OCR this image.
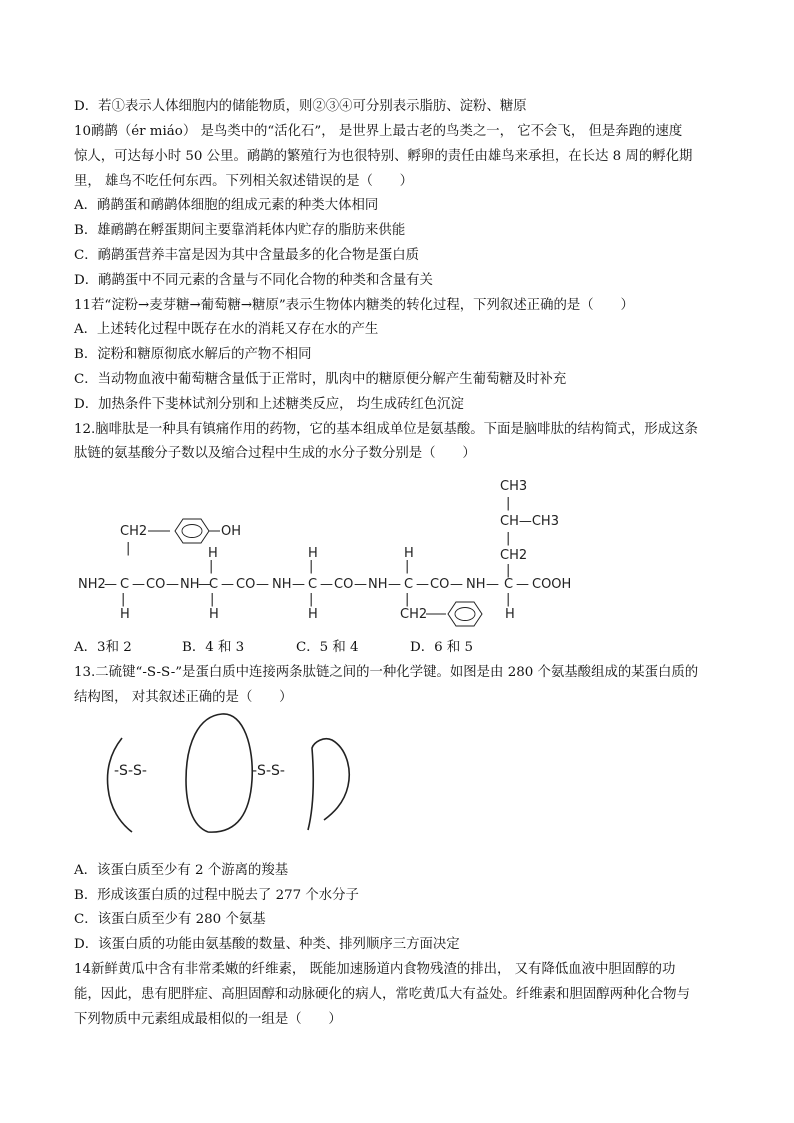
D．若①表示人体细胞内的储能物质，则②③④可分别表示脂肪、淀粉、糖原
10鸸鹋（ér miáo） 是鸟类中的“活化石”， 是世界上最古老的鸟类之一， 它不会飞， 但是奔跑的速度
惊人，可达每小时 50 公里。鸸鹋的繁殖行为也很特别、孵卵的责任由雄鸟来承担，在长达 8 周的孵化期
里， 雄鸟不吃任何东西。下列相关叙述错误的是（　　）
A．鸸鹋蛋和鸸鹋体细胞的组成元素的种类大体相同
B．雄鸸鹋在孵蛋期间主要靠消耗体内贮存的脂肪来供能
C．鸸鹋蛋营养丰富是因为其中含量最多的化合物是蛋白质
D．鸸鹋蛋中不同元素的含量与不同化合物的种类和含量有关
11若“淀粉→麦芽糖→葡萄糖→糖原”表示生物体内糖类的转化过程，下列叙述正确的是（　　）
A．上述转化过程中既存在水的消耗又存在水的产生
B．淀粉和糖原彻底水解后的产物不相同
C．当动物血液中葡萄糖含量低于正常时，肌肉中的糖原便分解产生葡萄糖及时补充
D．加热条件下斐林试剂分别和上述糖类反应， 均生成砖红色沉淀
12.脑啡肽是一种具有镇痛作用的药物，它的基本组成单位是氨基酸。下面是脑啡肽的结构简式，形成这条
肽链的氨基酸分子数以及缩合过程中生成的水分子数分别是（　　）
CH3
|
CH—CH3
|
CH2
|
CH2
|
OH
H
|
H
|
H
|
NH2
— C — CO — NH
—
C — CO — NH — C — CO — NH — C — CO — NH — C — COOH
|
H
|
H
|
H
|
CH2
|
H
A．3和 2	B．4 和 3	C．5 和 4	D．6 和 5
13.二硫键“-S-S-”是蛋白质中连接两条肽链之间的一种化学键。如图是由 280 个氨基酸组成的某蛋白质的
结构图， 对其叙述正确的是（　　）
-S-S-	-S-S-
A．该蛋白质至少有 2 个游离的羧基
B．形成该蛋白质的过程中脱去了 277 个水分子
C．该蛋白质至少有 280 个氨基
D．该蛋白质的功能由氨基酸的数量、种类、排列顺序三方面决定
14新鲜黄瓜中含有非常柔嫩的纤维素， 既能加速肠道内食物残渣的排出， 又有降低血液中胆固醇的功
能，因此，患有肥胖症、高胆固醇和动脉硬化的病人，常吃黄瓜大有益处。纤维素和胆固醇两种化合物与
下列物质中元素组成最相似的一组是（　　）
